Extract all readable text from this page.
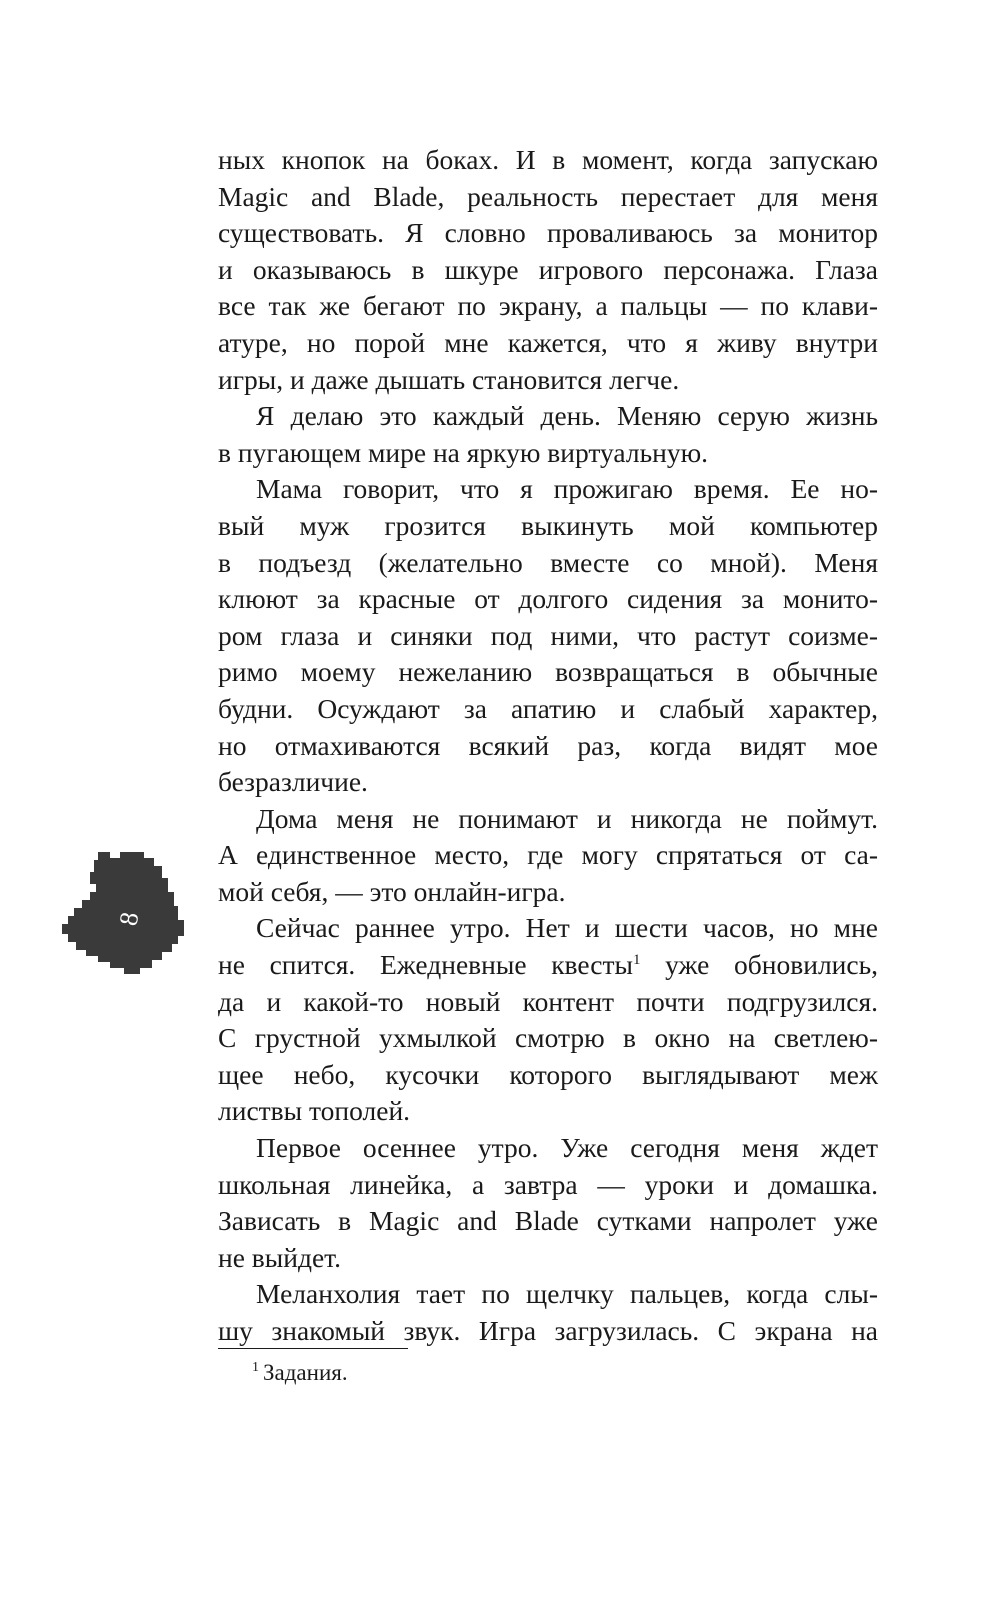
ных кнопок на боках. И в момент, когда запускаю
Magic and Blade, реальность перестает для меня
существовать. Я словно проваливаюсь за монитор
и оказываюсь в шкуре игрового персонажа. Глаза
все так же бегают по экрану, а пальцы — по клави-
атуре, но порой мне кажется, что я живу внутри
игры, и даже дышать становится легче.

Я делаю это каждый день. Меняю серую жизнь
в пугающем мире на яркую виртуальную.

Мама говорит, что я прожигаю время. Ее но-
вый муж грозится выкинуть мой компьютер
в подъезд (желательно вместе со мной). Меня
клюют за красные от долгого сидения за монито-
ром глаза и синяки под ними, что растут соизме-
римо моему нежеланию возвращаться в обычные
будни. Осуждают за апатию и слабый характер,
но отмахиваются всякий раз, когда видят мое
безразличие.

Дома меня не понимают и никогда не поймут.
А единственное место, где могу спрятаться от са-
мой себя, — это онлайн-игра.

Сейчас раннее утро. Нет и шести часов, но мне
не спится. Ежедневные квесты$^1$ уже обновились,
да и какой-то новый контент почти подгрузился.
С грустной ухмылкой смотрю в окно на светлею-
щее небо, кусочки которого выглядывают меж
листвы тополей.

Первое осеннее утро. Уже сегодня меня ждет
школьная линейка, а завтра — уроки и домашка.
Зависать в Magic and Blade сутками напролет уже
не выйдет.

Меланхолия тает по щелчку пальцев, когда слы-
шу знакомый звук. Игра загрузилась. С экрана на

$^1$ Задания.
8
